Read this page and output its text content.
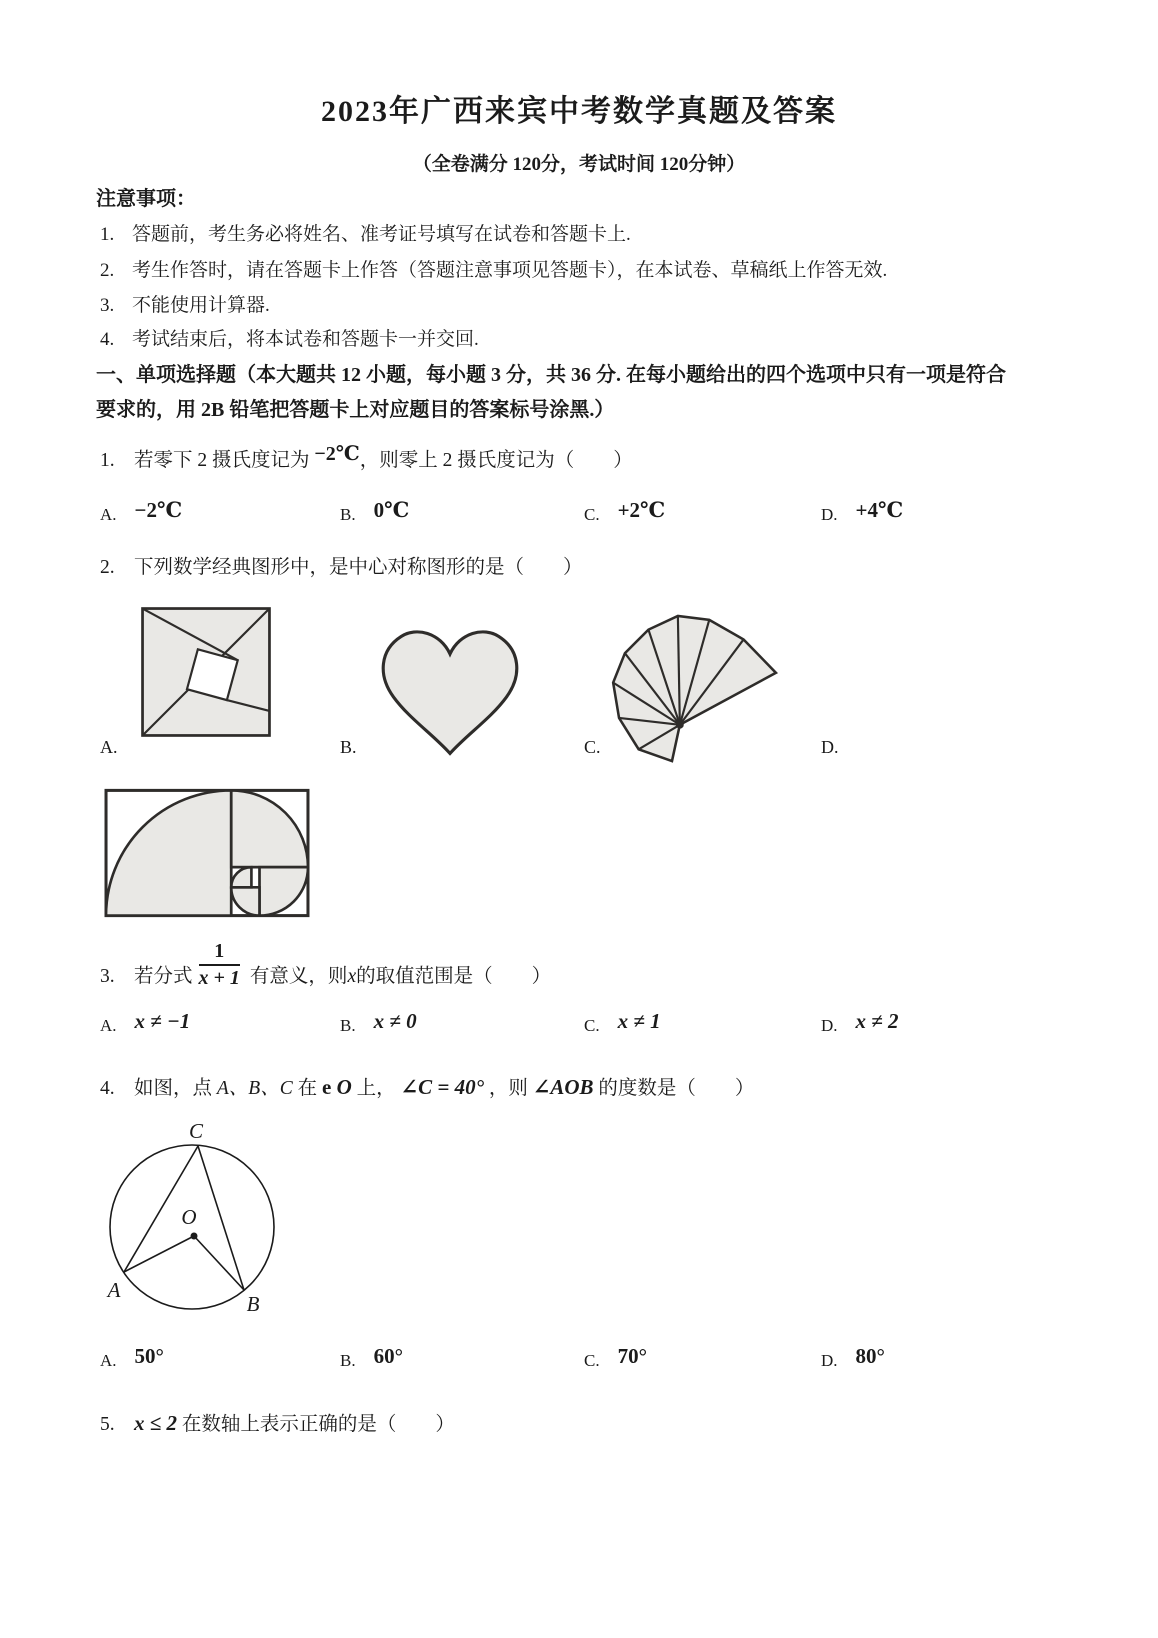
2023年广西来宾中考数学真题及答案
（全卷满分 120分，考试时间 120分钟）
注意事项：
1. 答题前，考生务必将姓名、准考证号填写在试卷和答题卡上.
2. 考生作答时，请在答题卡上作答（答题注意事项见答题卡），在本试卷、草稿纸上作答无效.
3. 不能使用计算器.
4. 考试结束后，将本试卷和答题卡一并交回.
一、单项选择题（本大题共 12 小题，每小题 3 分，共 36 分. 在每小题给出的四个选项中只有一项是符合
要求的，用 2B 铅笔把答题卡上对应题目的答案标号涂黑.）
1. 若零下 2 摄氏度记为 −2℃，则零上 2 摄氏度记为（　　）
A. −2℃	B. 0℃	C. +2℃	D. +4℃
2. 下列数学经典图形中，是中心对称图形的是（　　）
A.	B.	C.	D.
3. 若分式 $\frac{1}{x + 1}$ 有意义，则 x 的取值范围是（　　）
A. x ≠ −1	B. x ≠ 0	C. x ≠ 1	D. x ≠ 2
4. 如图，点 A、B、C 在 e O 上， ∠C = 40° ，则 ∠AOB 的度数是（　　）
C
O
A
B
A. 50°	B. 60°	C. 70°	D. 80°
5. x ≤ 2 在数轴上表示正确的是（　　）
